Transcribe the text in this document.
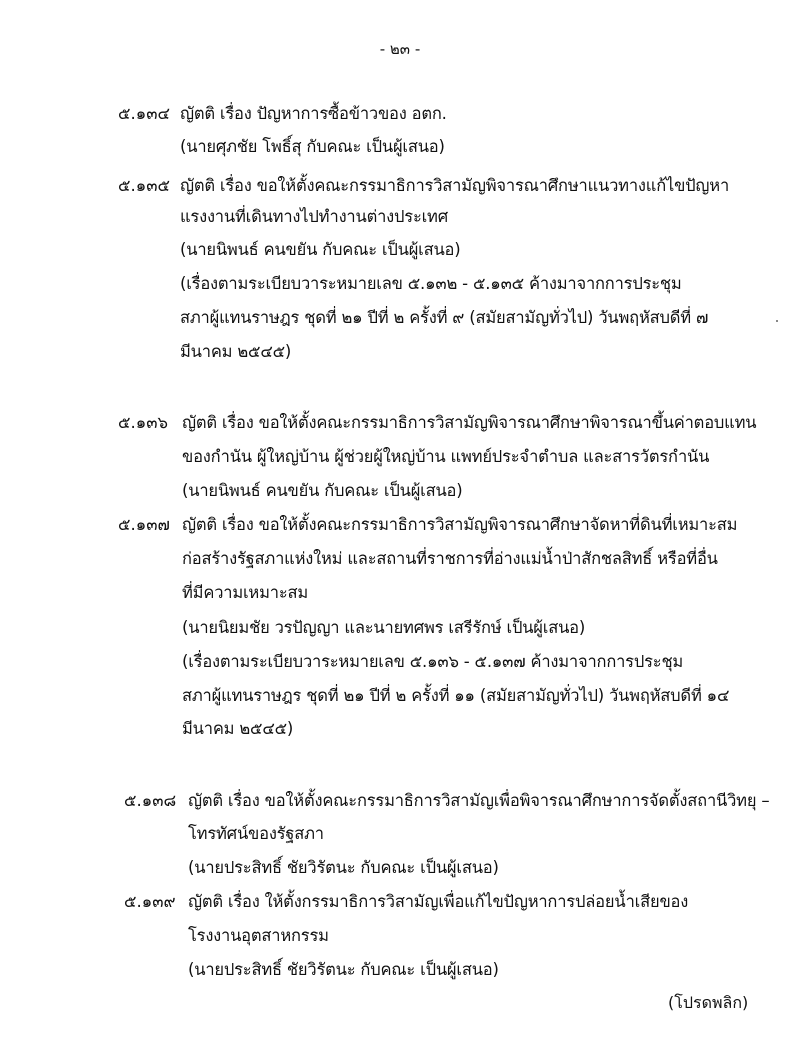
- ๒๓ -
๕.๑๓๔ ญัตติ เรื่อง ปัญหาการซื้อข้าวของ อตก.
(นายศุภชัย โพธิ์สุ กับคณะ เป็นผู้เสนอ)
๕.๑๓๕ ญัตติ เรื่อง ขอให้ตั้งคณะกรรมาธิการวิสามัญพิจารณาศึกษาแนวทางแก้ไขปัญหา
แรงงานที่เดินทางไปทำงานต่างประเทศ
(นายนิพนธ์ คนขยัน กับคณะ เป็นผู้เสนอ)
(เรื่องตามระเบียบวาระหมายเลข ๕.๑๓๒ - ๕.๑๓๕ ค้างมาจากการประชุม
สภาผู้แทนราษฎร ชุดที่ ๒๑ ปีที่ ๒ ครั้งที่ ๙ (สมัยสามัญทั่วไป) วันพฤหัสบดีที่ ๗
มีนาคม ๒๕๔๕)
๕.๑๓๖ ญัตติ เรื่อง ขอให้ตั้งคณะกรรมาธิการวิสามัญพิจารณาศึกษาพิจารณาขึ้นค่าตอบแทน
ของกำนัน ผู้ใหญ่บ้าน ผู้ช่วยผู้ใหญ่บ้าน แพทย์ประจำตำบล และสารวัตรกำนัน
(นายนิพนธ์ คนขยัน กับคณะ เป็นผู้เสนอ)
๕.๑๓๗ ญัตติ เรื่อง ขอให้ตั้งคณะกรรมาธิการวิสามัญพิจารณาศึกษาจัดหาที่ดินที่เหมาะสม
ก่อสร้างรัฐสภาแห่งใหม่ และสถานที่ราชการที่อ่างแม่น้ำป่าสักชลสิทธิ์ หรือที่อื่น
ที่มีความเหมาะสม
(นายนิยมชัย วรปัญญา และนายทศพร เสรีรักษ์ เป็นผู้เสนอ)
(เรื่องตามระเบียบวาระหมายเลข ๕.๑๓๖ - ๕.๑๓๗ ค้างมาจากการประชุม
สภาผู้แทนราษฎร ชุดที่ ๒๑ ปีที่ ๒ ครั้งที่ ๑๑ (สมัยสามัญทั่วไป) วันพฤหัสบดีที่ ๑๔
มีนาคม ๒๕๔๕)
๕.๑๓๘ ญัตติ เรื่อง ขอให้ตั้งคณะกรรมาธิการวิสามัญเพื่อพิจารณาศึกษาการจัดตั้งสถานีวิทยุ –
โทรทัศน์ของรัฐสภา
(นายประสิทธิ์ ชัยวิรัตนะ กับคณะ เป็นผู้เสนอ)
๕.๑๓๙ ญัตติ เรื่อง ให้ตั้งกรรมาธิการวิสามัญเพื่อแก้ไขปัญหาการปล่อยน้ำเสียของ
โรงงานอุตสาหกรรม
(นายประสิทธิ์ ชัยวิรัตนะ กับคณะ เป็นผู้เสนอ)
(โปรดพลิก)
